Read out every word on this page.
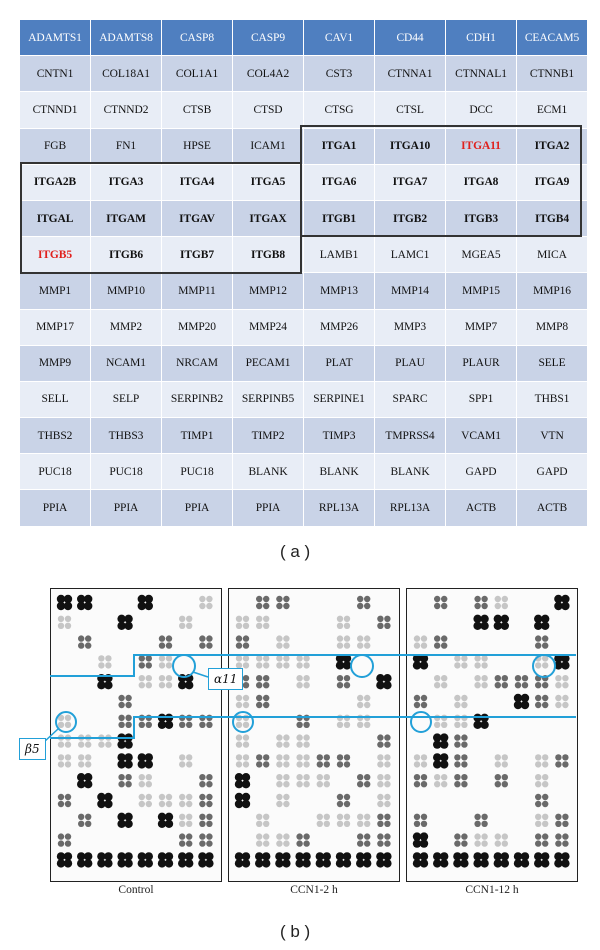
ADAMTS1	ADAMTS8	CASP8	CASP9	CAV1	CD44	CDH1	CEACAM5
CNTN1	COL18A1	COL1A1	COL4A2	CST3	CTNNA1	CTNNAL1	CTNNB1
CTNND1	CTNND2	CTSB	CTSD	CTSG	CTSL	DCC	ECM1
FGB	FN1	HPSE	ICAM1	ITGA1	ITGA10	ITGA11	ITGA2
ITGA2B	ITGA3	ITGA4	ITGA5	ITGA6	ITGA7	ITGA8	ITGA9
ITGAL	ITGAM	ITGAV	ITGAX	ITGB1	ITGB2	ITGB3	ITGB4
ITGB5	ITGB6	ITGB7	ITGB8	LAMB1	LAMC1	MGEA5	MICA
MMP1	MMP10	MMP11	MMP12	MMP13	MMP14	MMP15	MMP16
MMP17	MMP2	MMP20	MMP24	MMP26	MMP3	MMP7	MMP8
MMP9	NCAM1	NRCAM	PECAM1	PLAT	PLAU	PLAUR	SELE
SELL	SELP	SERPINB2	SERPINB5	SERPINE1	SPARC	SPP1	THBS1
THBS2	THBS3	TIMP1	TIMP2	TIMP3	TMPRSS4	VCAM1	VTN
PUC18	PUC18	PUC18	BLANK	BLANK	BLANK	GAPD	GAPD
PPIA	PPIA	PPIA	PPIA	RPL13A	RPL13A	ACTB	ACTB
( a )
Control	CCN1-2 h	CCN1-12 h
α11
β5
( b )
